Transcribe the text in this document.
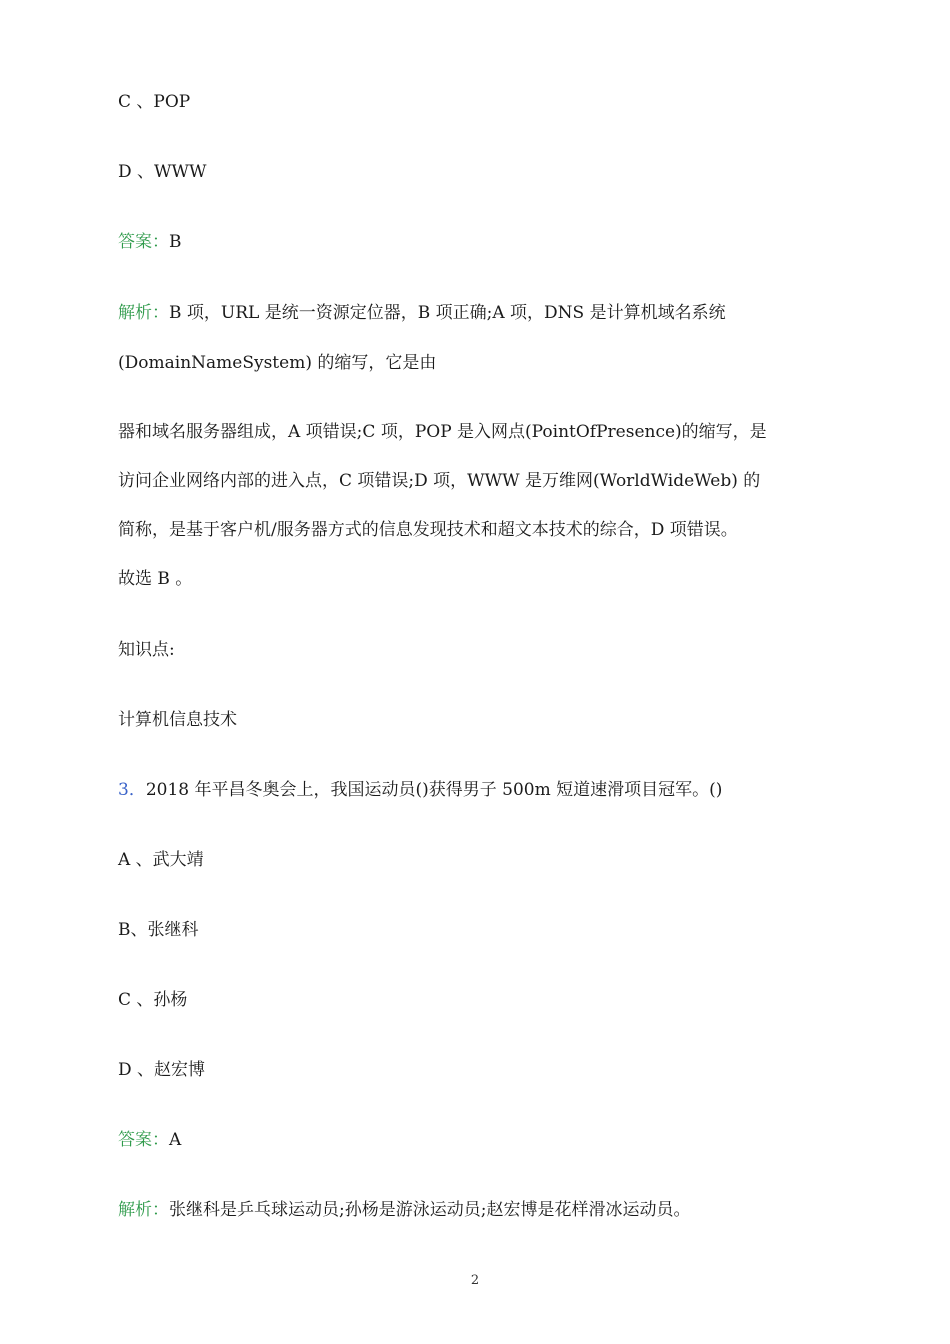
C 、POP
D 、WWW
答案：B
解析：B 项，URL 是统一资源定位器，B 项正确;A 项，DNS 是计算机域名系统
(DomainNameSystem) 的缩写，它是由
器和域名服务器组成，A 项错误;C 项，POP 是入网点(PointOfPresence)的缩写，是
访问企业网络内部的进入点，C 项错误;D 项，WWW 是万维网(WorldWideWeb) 的
简称，是基于客户机/服务器方式的信息发现技术和超文本技术的综合，D 项错误。
故选 B 。
知识点:
计算机信息技术
3．2018 年平昌冬奥会上，我国运动员()获得男子 500m 短道速滑项目冠军。()
A 、武大靖
B、张继科
C 、孙杨
D 、赵宏博
答案：A
解析：张继科是乒乓球运动员;孙杨是游泳运动员;赵宏博是花样滑冰运动员。
2
